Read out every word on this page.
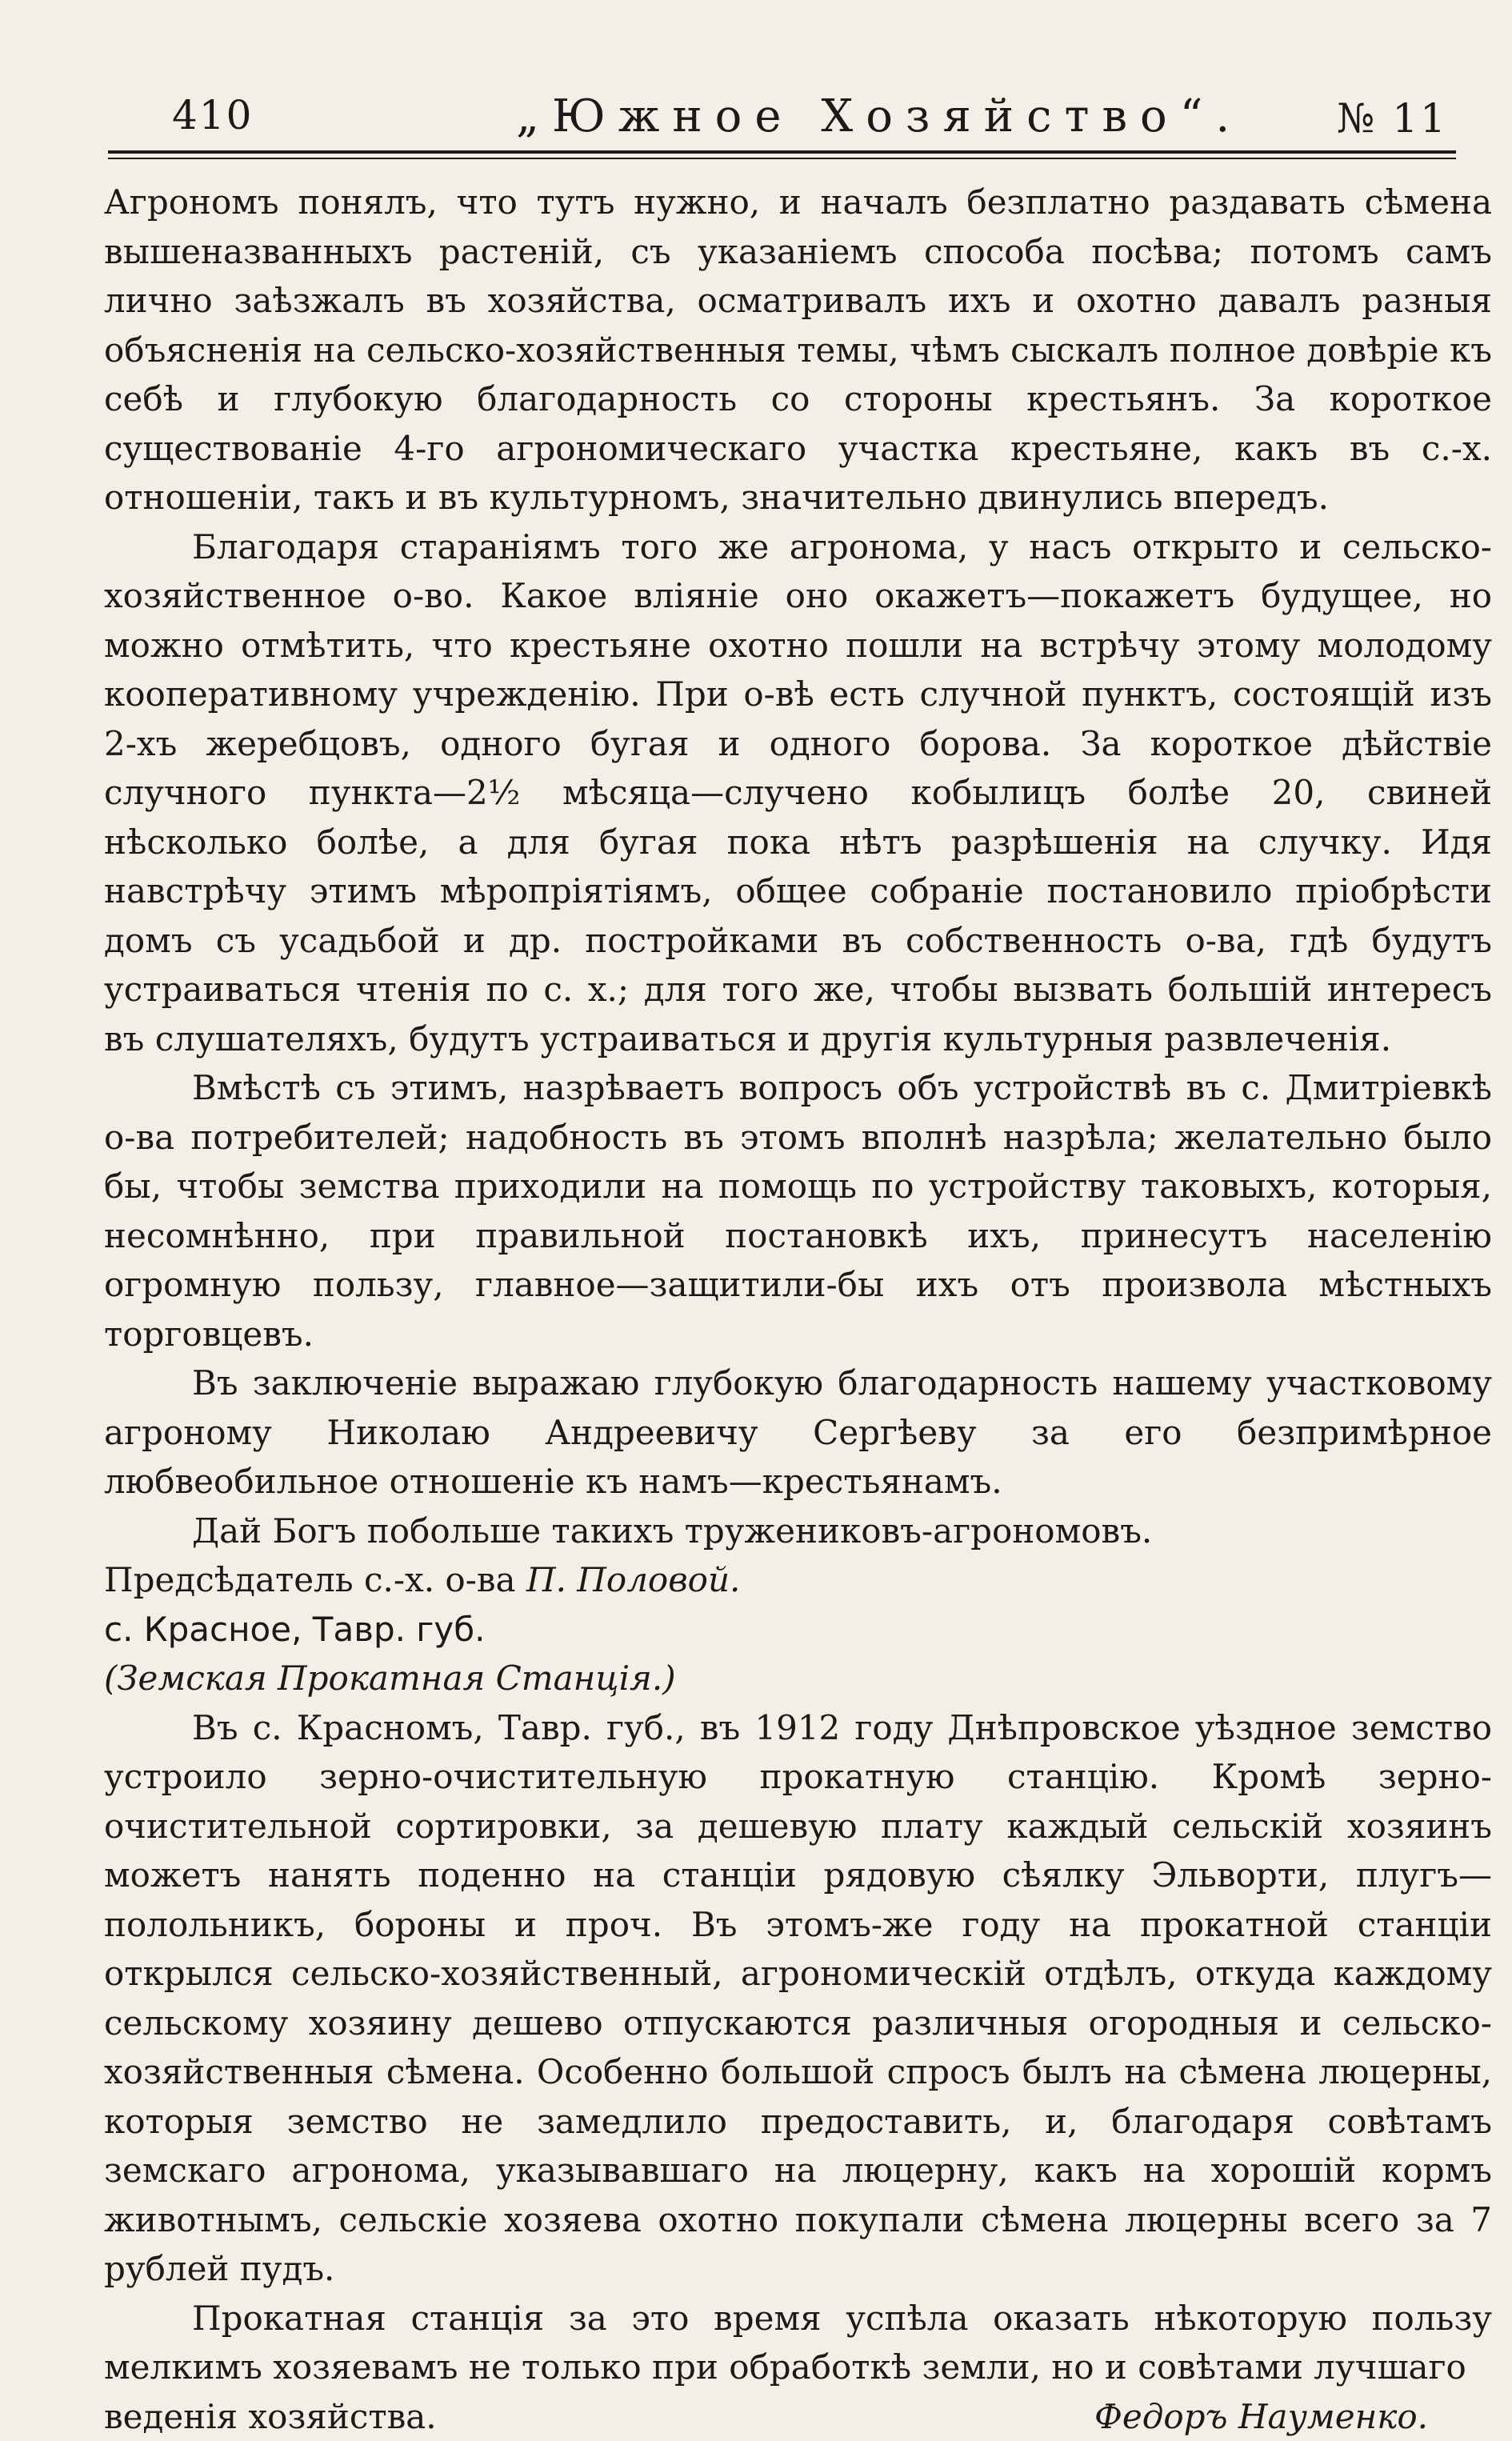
410	„Южное Хозяйство“. № 11

Агрономъ понялъ, что тутъ нужно, и началъ безплатно раздавать сѣмена вышеназванныхъ растеній, съ указаніемъ способа посѣва; потомъ самъ лично заѣзжалъ въ хозяйства, осматривалъ ихъ и охотно давалъ разныя объясненія на сельско-хозяйственныя темы, чѣмъ сыскалъ полное довѣріе къ себѣ и глубокую благодарность со стороны крестьянъ. За короткое существованіе 4-го агрономическаго участка крестьяне, какъ въ с.-х. отношеніи, такъ и въ культурномъ, значительно двинулись впередъ.

Благодаря стараніямъ того же агронома, у насъ открыто и сельско-хозяйственное о-во. Какое вліяніе оно окажетъ—покажетъ будущее, но можно отмѣтить, что крестьяне охотно пошли на встрѣчу этому молодому кооперативному учрежденію. При о-вѣ есть случной пунктъ, состоящій изъ 2-хъ жеребцовъ, одного бугая и одного борова. За короткое дѣйствіе случного пункта—2½ мѣсяца—случено кобылицъ болѣе 20, свиней нѣсколько болѣе, а для бугая пока нѣтъ разрѣшенія на случку. Идя навстрѣчу этимъ мѣропріятіямъ, общее собраніе постановило пріобрѣсти домъ съ усадьбой и др. постройками въ собственность о-ва, гдѣ будутъ устраиваться чтенія по с. х.; для того же, чтобы вызвать большій интересъ въ слушателяхъ, будутъ устраиваться и другія культурныя развлеченія.

Вмѣстѣ съ этимъ, назрѣваетъ вопросъ объ устройствѣ въ с. Дмитріевкѣ о-ва потребителей; надобность въ этомъ вполнѣ назрѣла; желательно было бы, чтобы земства приходили на помощь по устройству таковыхъ, которыя, несомнѣнно, при правильной постановкѣ ихъ, принесутъ населенію огромную пользу, главное—защитили-бы ихъ отъ произвола мѣстныхъ торговцевъ.

Въ заключеніе выражаю глубокую благодарность нашему участковому агроному Николаю Андреевичу Сергѣеву за его безпримѣрное любвеобильное отношеніе къ намъ—крестьянамъ.

Дай Богъ побольше такихъ тружениковъ-агрономовъ.

Предсѣдатель с.-х. о-ва П. Половой.

с. Красное, Тавр. губ.

(Земская Прокатная Станція.)

Въ с. Красномъ, Тавр. губ., въ 1912 году Днѣпровское уѣздное земство устроило зерно-очистительную прокатную станцію. Кромѣ зерно-очистительной сортировки, за дешевую плату каждый сельскій хозяинъ можетъ нанять поденно на станціи рядовую сѣялку Эльворти, плугъ—полольникъ, бороны и проч. Въ этомъ-же году на прокатной станціи открылся сельско-хозяйственный, агрономическій отдѣлъ, откуда каждому сельскому хозяину дешево отпускаются различныя огородныя и сельско-хозяйственныя сѣмена. Особенно большой спросъ былъ на сѣмена люцерны, которыя земство не замедлило предоставить, и, благодаря совѣтамъ земскаго агронома, указывавшаго на люцерну, какъ на хорошій кормъ животнымъ, сельскіе хозяева охотно покупали сѣмена люцерны всего за 7 рублей пудъ.

Прокатная станція за это время успѣла оказать нѣкоторую пользу мелкимъ хозяевамъ не только при обработкѣ земли, но и совѣтами лучшаго

веденія хозяйства.	Федоръ Науменко.
